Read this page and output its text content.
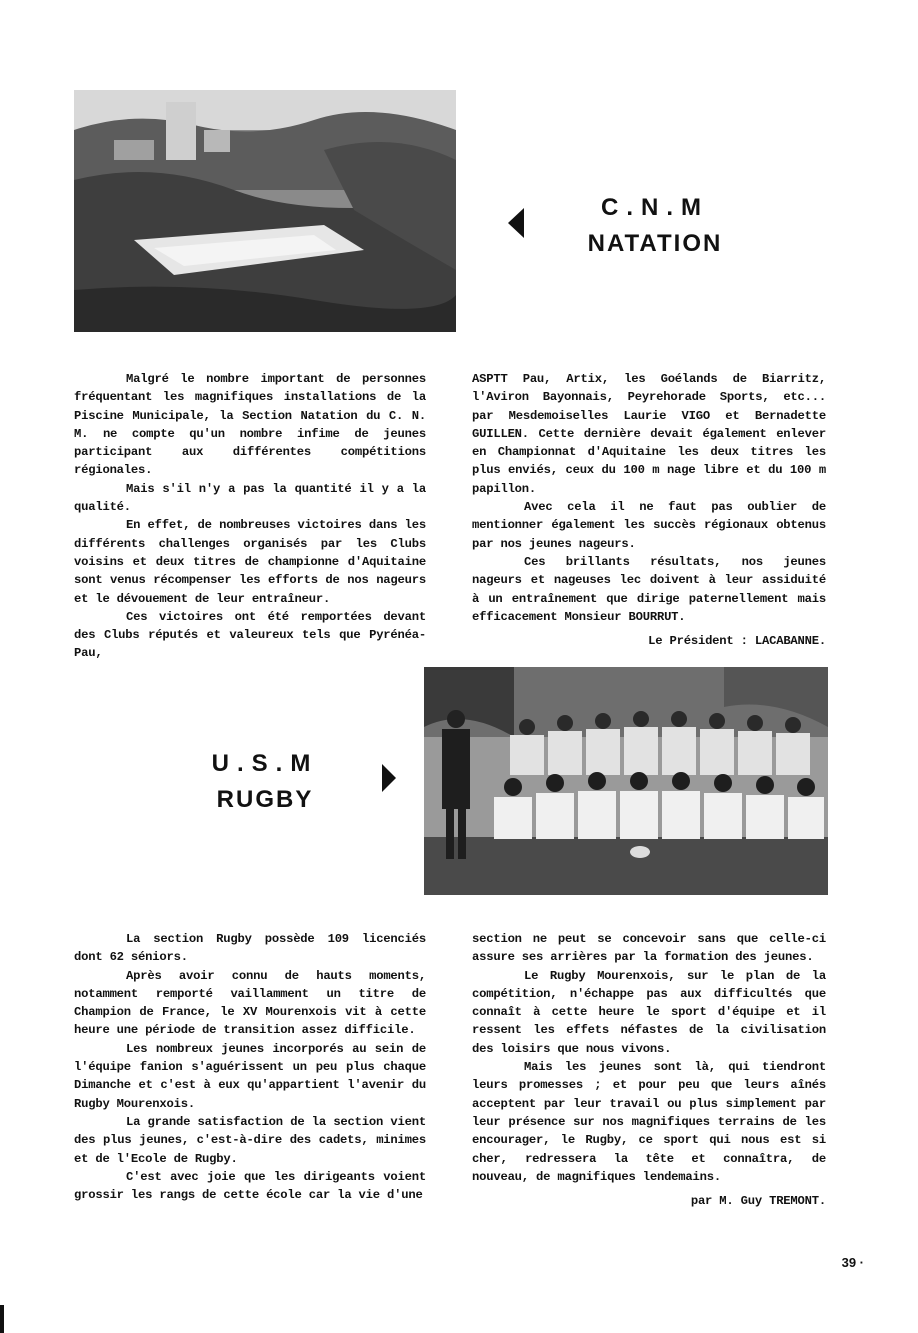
C.N.M
NATATION

Malgré le nombre important de personnes fréquentant les magnifiques installations de la Piscine Municipale, la Section Natation du C. N. M. ne compte qu'un nombre infime de jeunes participant aux différentes compétitions régionales.

Mais s'il n'y a pas la quantité il y a la qualité.

En effet, de nombreuses victoires dans les différents challenges organisés par les Clubs voisins et deux titres de championne d'Aquitaine sont venus récompenser les efforts de nos nageurs et le dévouement de leur entraîneur.

Ces victoires ont été remportées devant des Clubs réputés et valeureux tels que Pyrénéa-Pau,

ASPTT Pau, Artix, les Goélands de Biarritz, l'Aviron Bayonnais, Peyrehorade Sports, etc... par Mesdemoiselles Laurie VIGO et Bernadette GUILLEN. Cette dernière devait également enlever en Championnat d'Aquitaine les deux titres les plus enviés, ceux du 100 m nage libre et du 100 m papillon.

Avec cela il ne faut pas oublier de mentionner également les succès régionaux obtenus par nos jeunes nageurs.

Ces brillants résultats, nos jeunes nageurs et nageuses lec doivent à leur assiduité à un entraînement que dirige paternellement mais efficacement Monsieur BOURRUT.

Le Président : LACABANNE.

U.S.M
RUGBY

La section Rugby possède 109 licenciés dont 62 séniors.

Après avoir connu de hauts moments, notamment remporté vaillamment un titre de Champion de France, le XV Mourenxois vit à cette heure une période de transition assez difficile.

Les nombreux jeunes incorporés au sein de l'équipe fanion s'aguérissent un peu plus chaque Dimanche et c'est à eux qu'appartient l'avenir du Rugby Mourenxois.

La grande satisfaction de la section vient des plus jeunes, c'est-à-dire des cadets, minimes et de l'Ecole de Rugby.

C'est avec joie que les dirigeants voient grossir les rangs de cette école car la vie d'une

section ne peut se concevoir sans que celle-ci assure ses arrières par la formation des jeunes.

Le Rugby Mourenxois, sur le plan de la compétition, n'échappe pas aux difficultés que connaît à cette heure le sport d'équipe et il ressent les effets néfastes de la civilisation des loisirs que nous vivons.

Mais les jeunes sont là, qui tiendront leurs promesses ; et pour peu que leurs aînés acceptent par leur travail ou plus simplement par leur présence sur nos magnifiques terrains de les encourager, le Rugby, ce sport qui nous est si cher, redressera la tête et connaîtra, de nouveau, de magnifiques lendemains.

par M. Guy TREMONT.

39 ·
